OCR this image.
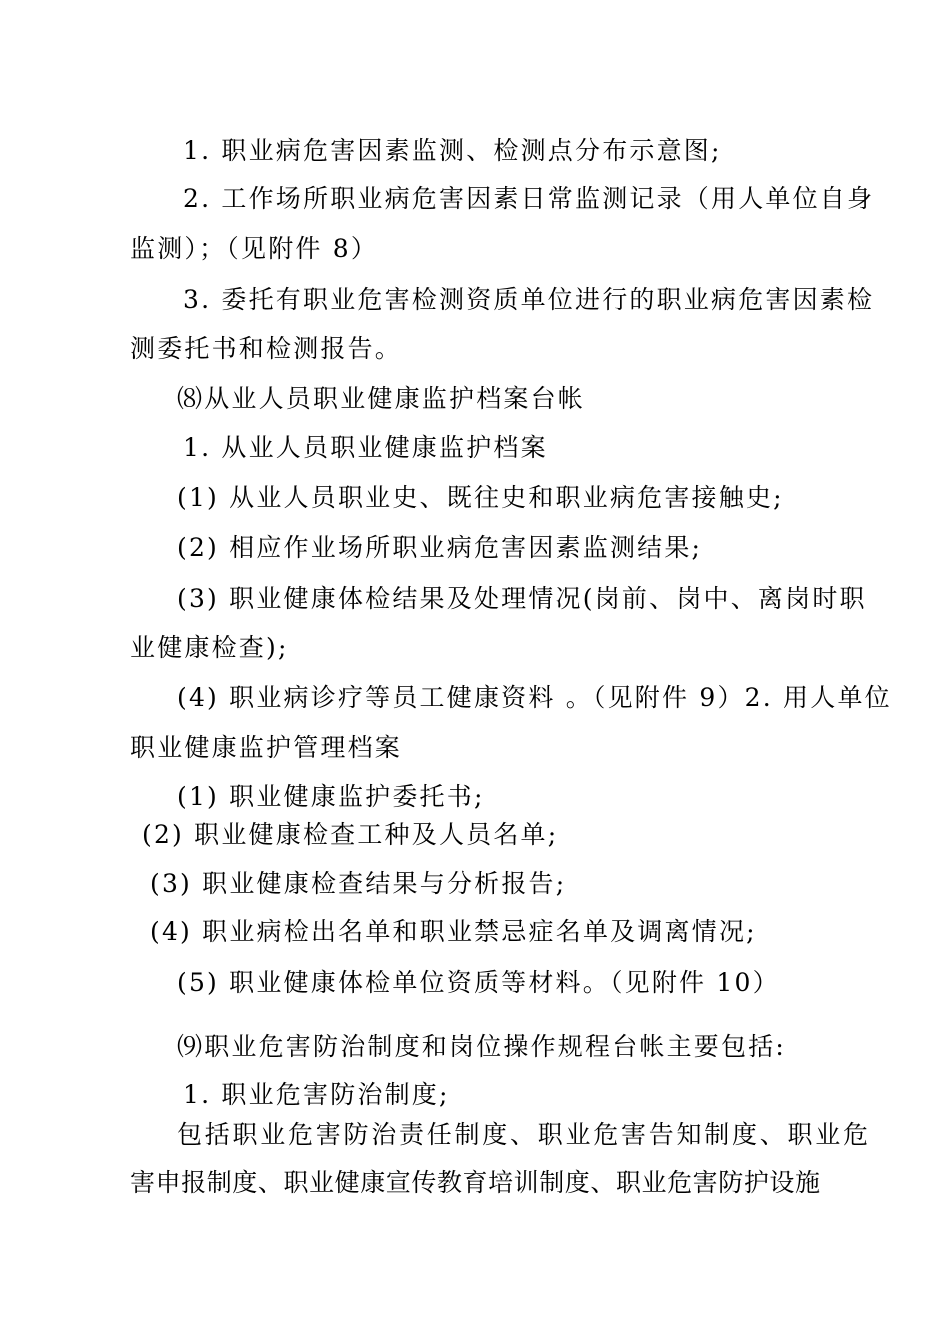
1. 职业病危害因素监测、检测点分布示意图;
2. 工作场所职业病危害因素日常监测记录（用人单位自身
监测）；（见附件 8）
3. 委托有职业危害检测资质单位进行的职业病危害因素检
测委托书和检测报告。
⑻从业人员职业健康监护档案台帐
1. 从业人员职业健康监护档案
(1) 从业人员职业史、既往史和职业病危害接触史;
(2) 相应作业场所职业病危害因素监测结果;
(3) 职业健康体检结果及处理情况(岗前、岗中、离岗时职
业健康检查);
(4) 职业病诊疗等员工健康资料 。（见附件 9）2. 用人单位
职业健康监护管理档案
(1) 职业健康监护委托书;
(2) 职业健康检查工种及人员名单;
(3) 职业健康检查结果与分析报告;
(4) 职业病检出名单和职业禁忌症名单及调离情况;
(5) 职业健康体检单位资质等材料。（见附件 10）
⑼职业危害防治制度和岗位操作规程台帐主要包括:
1. 职业危害防治制度;
包括职业危害防治责任制度、职业危害告知制度、职业危
害申报制度、职业健康宣传教育培训制度、职业危害防护设施
